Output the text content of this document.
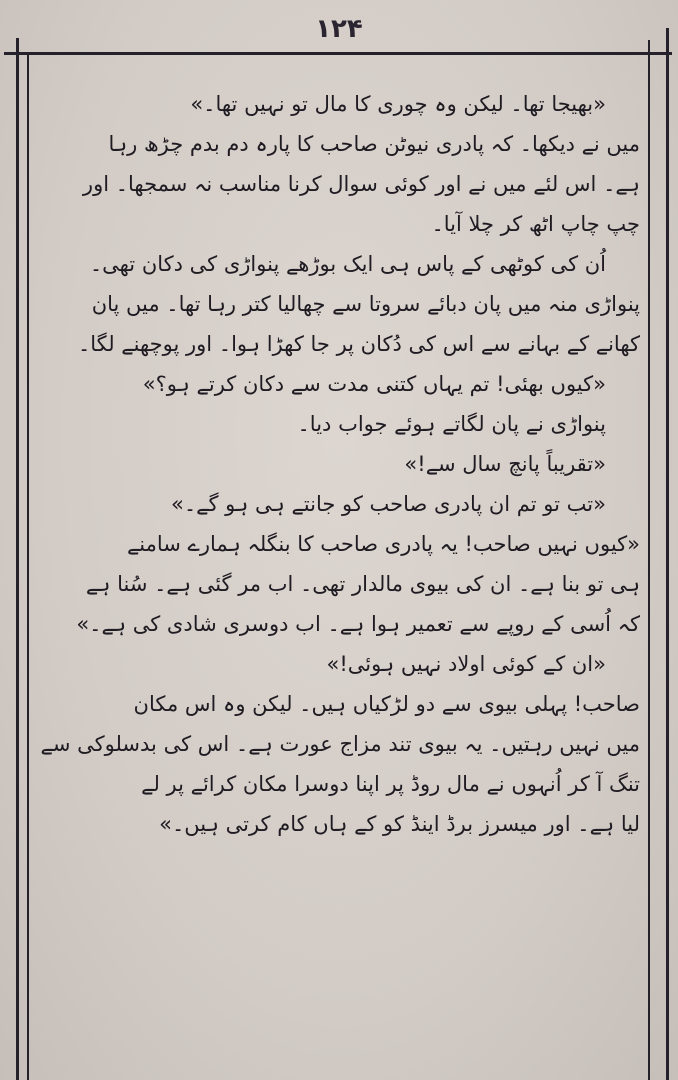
۱۲۴
«بھیجا تھا۔ لیکن وہ چوری کا مال تو نہیں تھا۔»
میں نے دیکھا۔ کہ پادری نیوٹن صاحب کا پارہ دم بدم چڑھ رہا
ہے۔ اس لئے میں نے اور کوئی سوال کرنا مناسب نہ سمجھا۔ اور
چپ چاپ اٹھ کر چلا آیا۔
اُن کی کوٹھی کے پاس ہی ایک بوڑھے پنواڑی کی دکان تھی۔
پنواڑی منہ میں پان دبائے سروتا سے چھالیا کتر رہا تھا۔ میں پان
کھانے کے بہانے سے اس کی دُکان پر جا کھڑا ہوا۔ اور پوچھنے لگا۔
«کیوں بھئی! تم یہاں کتنی مدت سے دکان کرتے ہو؟»
پنواڑی نے پان لگاتے ہوئے جواب دیا۔
«تقریباً پانچ سال سے!»
«تب تو تم ان پادری صاحب کو جانتے ہی ہو گے۔»
«کیوں نہیں صاحب! یہ پادری صاحب کا بنگلہ ہمارے سامنے
ہی تو بنا ہے۔ ان کی بیوی مالدار تھی۔ اب مر گئی ہے۔ سُنا ہے
کہ اُسی کے روپے سے تعمیر ہوا ہے۔ اب دوسری شادی کی ہے۔»
«ان کے کوئی اولاد نہیں ہوئی!»
صاحب! پہلی بیوی سے دو لڑکیاں ہیں۔ لیکن وہ اس مکان
میں نہیں رہتیں۔ یہ بیوی تند مزاج عورت ہے۔ اس کی بدسلوکی سے
تنگ آ کر اُنہوں نے مال روڈ پر اپنا دوسرا مکان کرائے پر لے
لیا ہے۔ اور میسرز برڈ اینڈ کو کے ہاں کام کرتی ہیں۔»
